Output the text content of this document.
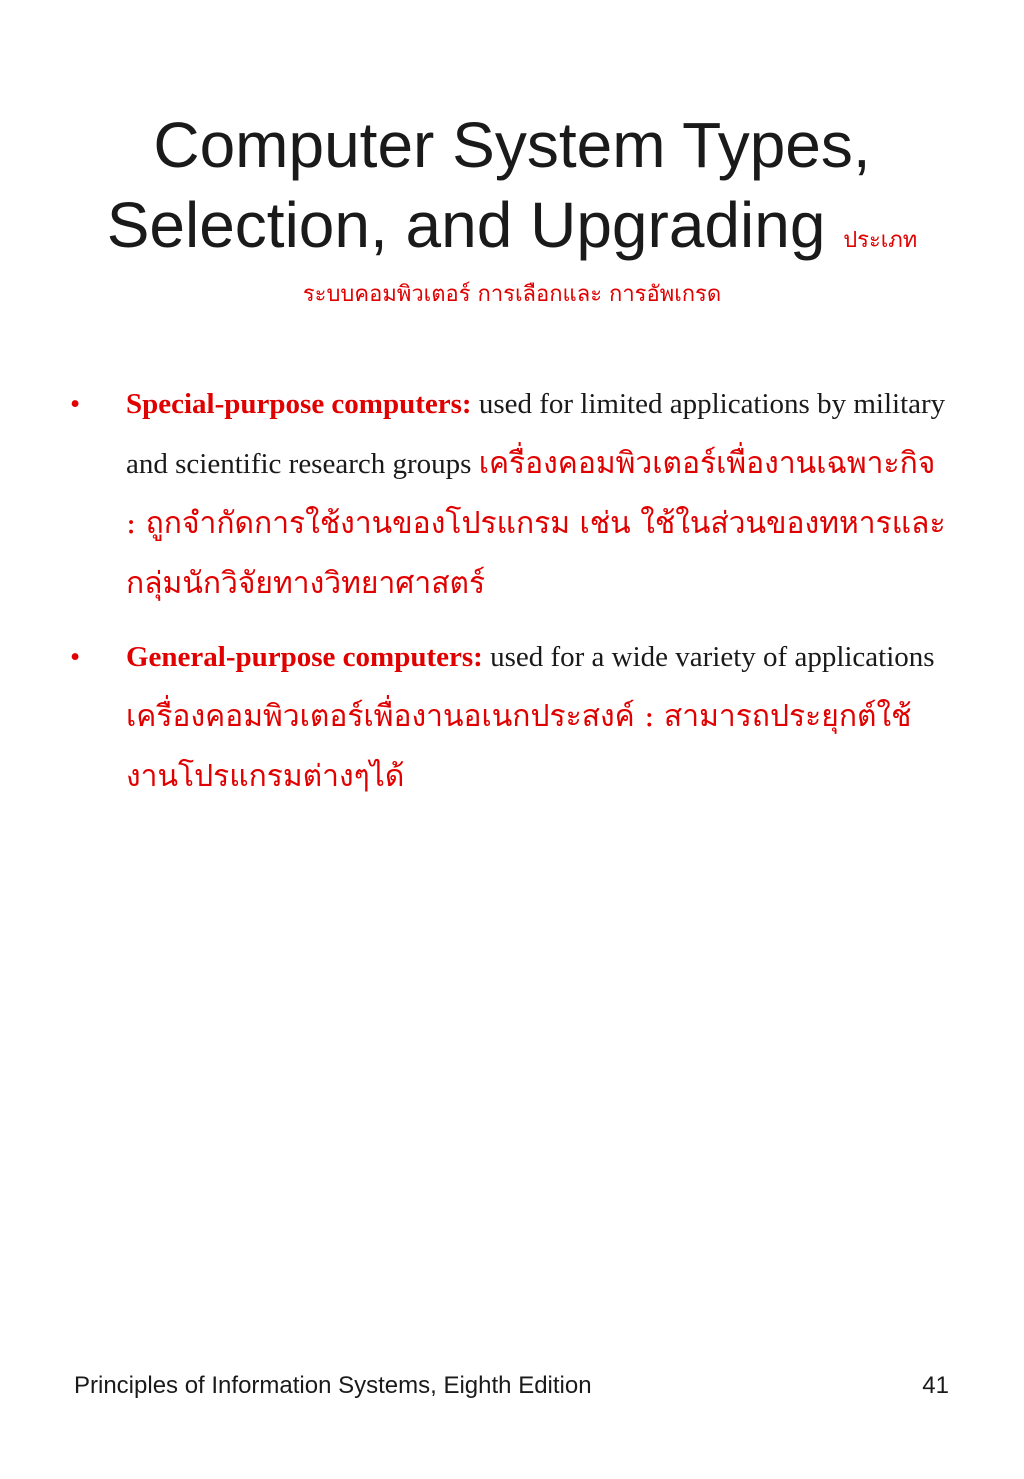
Computer System Types,
Selection, and Upgrading ประเภท
ระบบคอมพิวเตอร์ การเลือกและ การอัพเกรด
• Special-purpose computers: used for limited applications by military and scientific research groups เครื่องคอมพิวเตอร์เพื่องานเฉพาะกิจ : ถูกจำกัดการใช้งานของโปรแกรม เช่น ใช้ในส่วนของทหารและกลุ่มนักวิจัยทางวิทยาศาสตร์
• General-purpose computers: used for a wide variety of applications เครื่องคอมพิวเตอร์เพื่องานอเนกประสงค์ : สามารถประยุกต์ใช้งานโปรแกรมต่างๆได้
Principles of Information Systems, Eighth Edition	41
